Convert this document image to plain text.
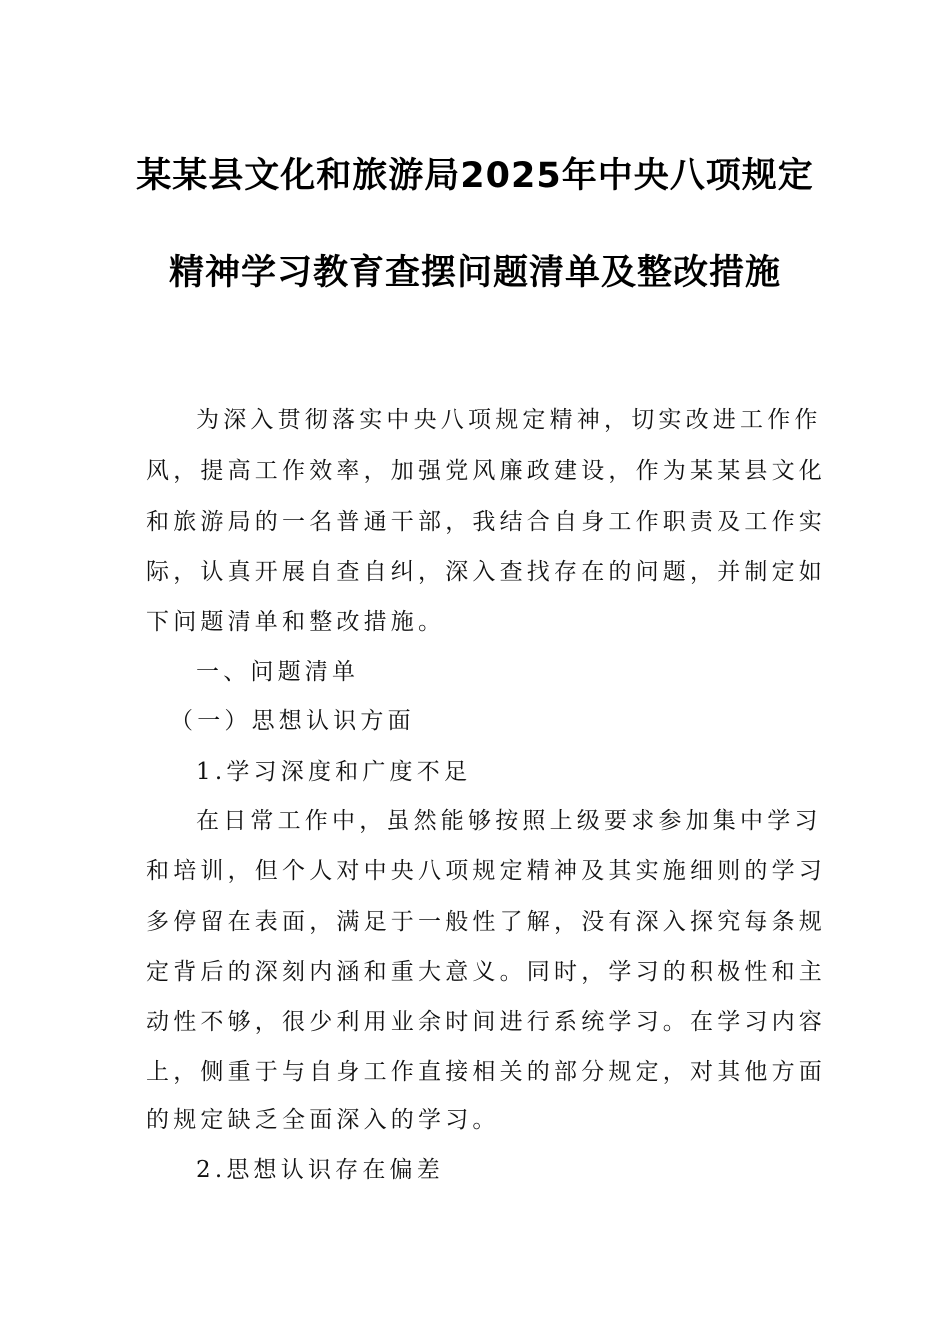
某某县文化和旅游局2025年中央八项规定
精神学习教育查摆问题清单及整改措施
为深入贯彻落实中央八项规定精神，切实改进工作作
风，提高工作效率，加强党风廉政建设，作为某某县文化
和旅游局的一名普通干部，我结合自身工作职责及工作实
际，认真开展自查自纠，深入查找存在的问题，并制定如
下问题清单和整改措施。
一、问题清单
（一）思想认识方面
1.学习深度和广度不足
在日常工作中，虽然能够按照上级要求参加集中学习
和培训，但个人对中央八项规定精神及其实施细则的学习
多停留在表面，满足于一般性了解，没有深入探究每条规
定背后的深刻内涵和重大意义。同时，学习的积极性和主
动性不够，很少利用业余时间进行系统学习。在学习内容
上，侧重于与自身工作直接相关的部分规定，对其他方面
的规定缺乏全面深入的学习。
2.思想认识存在偏差
